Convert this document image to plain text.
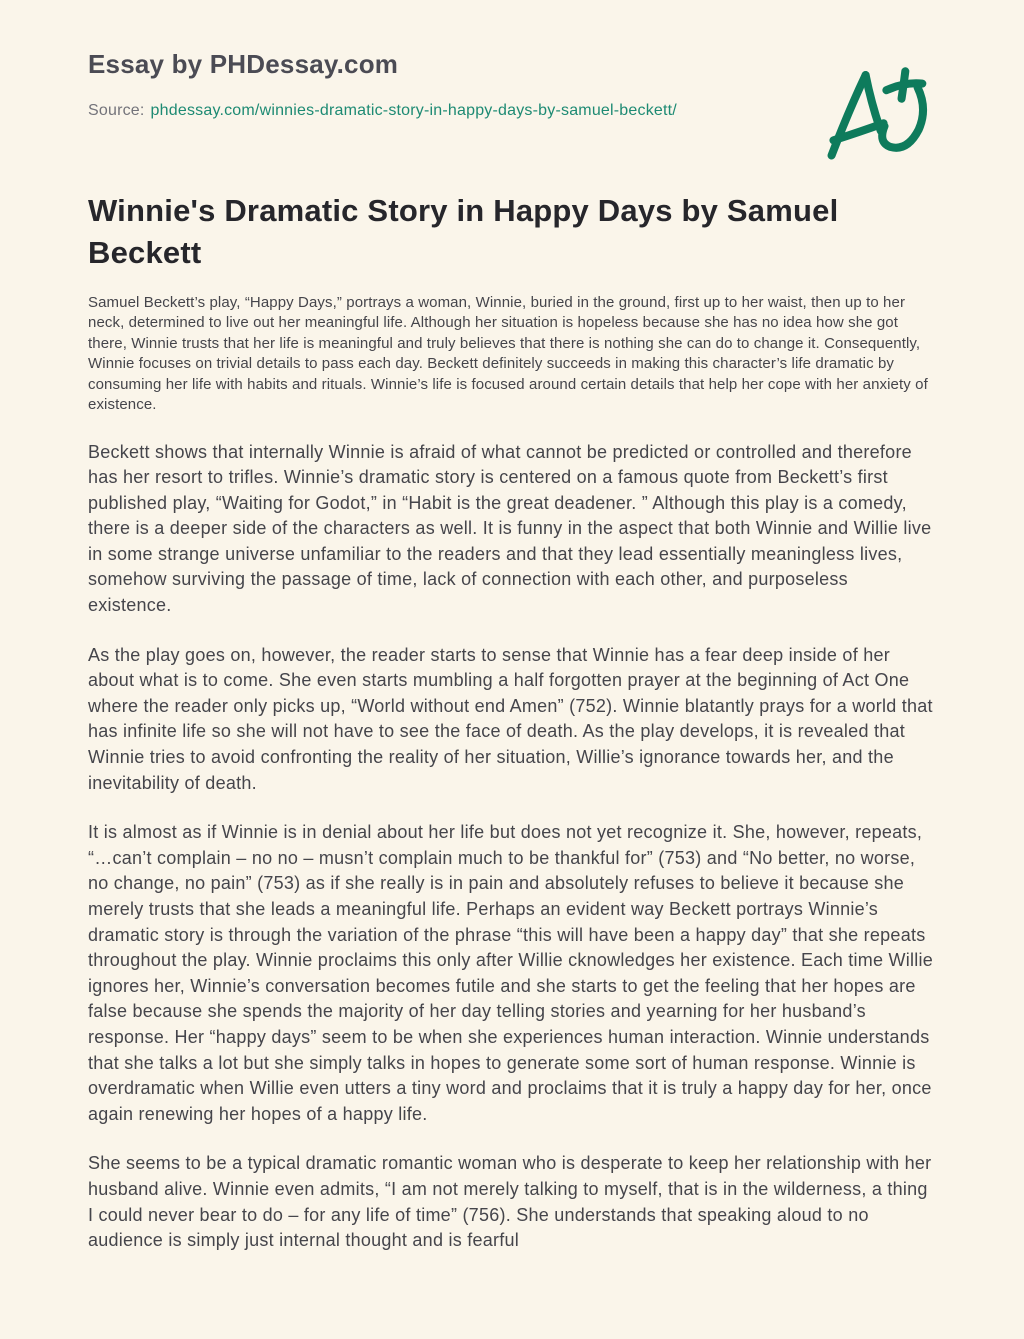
Essay by PHDessay.com

Source: phdessay.com/winnies-dramatic-story-in-happy-days-by-samuel-beckett/

Winnie's Dramatic Story in Happy Days by Samuel Beckett

Samuel Beckett’s play, “Happy Days,” portrays a woman, Winnie, buried in the ground, first up to her waist, then up to her neck, determined to live out her meaningful life. Although her situation is hopeless because she has no idea how she got there, Winnie trusts that her life is meaningful and truly believes that there is nothing she can do to change it. Consequently, Winnie focuses on trivial details to pass each day. Beckett definitely succeeds in making this character’s life dramatic by consuming her life with habits and rituals. Winnie’s life is focused around certain details that help her cope with her anxiety of existence.

Beckett shows that internally Winnie is afraid of what cannot be predicted or controlled and therefore has her resort to trifles. Winnie’s dramatic story is centered on a famous quote from Beckett’s first published play, “Waiting for Godot,” in “Habit is the great deadener. ” Although this play is a comedy, there is a deeper side of the characters as well. It is funny in the aspect that both Winnie and Willie live in some strange universe unfamiliar to the readers and that they lead essentially meaningless lives, somehow surviving the passage of time, lack of connection with each other, and purposeless existence.

As the play goes on, however, the reader starts to sense that Winnie has a fear deep inside of her about what is to come. She even starts mumbling a half forgotten prayer at the beginning of Act One where the reader only picks up, “World without end Amen” (752). Winnie blatantly prays for a world that has infinite life so she will not have to see the face of death. As the play develops, it is revealed that Winnie tries to avoid confronting the reality of her situation, Willie’s ignorance towards her, and the inevitability of death.

It is almost as if Winnie is in denial about her life but does not yet recognize it. She, however, repeats, “…can’t complain – no no – musn’t complain much to be thankful for” (753) and “No better, no worse, no change, no pain” (753) as if she really is in pain and absolutely refuses to believe it because she merely trusts that she leads a meaningful life. Perhaps an evident way Beckett portrays Winnie’s dramatic story is through the variation of the phrase “this will have been a happy day” that she repeats throughout the play. Winnie proclaims this only after Willie cknowledges her existence. Each time Willie ignores her, Winnie’s conversation becomes futile and she starts to get the feeling that her hopes are false because she spends the majority of her day telling stories and yearning for her husband’s response. Her “happy days” seem to be when she experiences human interaction. Winnie understands that she talks a lot but she simply talks in hopes to generate some sort of human response. Winnie is overdramatic when Willie even utters a tiny word and proclaims that it is truly a happy day for her, once again renewing her hopes of a happy life.

She seems to be a typical dramatic romantic woman who is desperate to keep her relationship with her husband alive. Winnie even admits, “I am not merely talking to myself, that is in the wilderness, a thing I could never bear to do – for any life of time” (756). She understands that speaking aloud to no audience is simply just internal thought and is fearful
